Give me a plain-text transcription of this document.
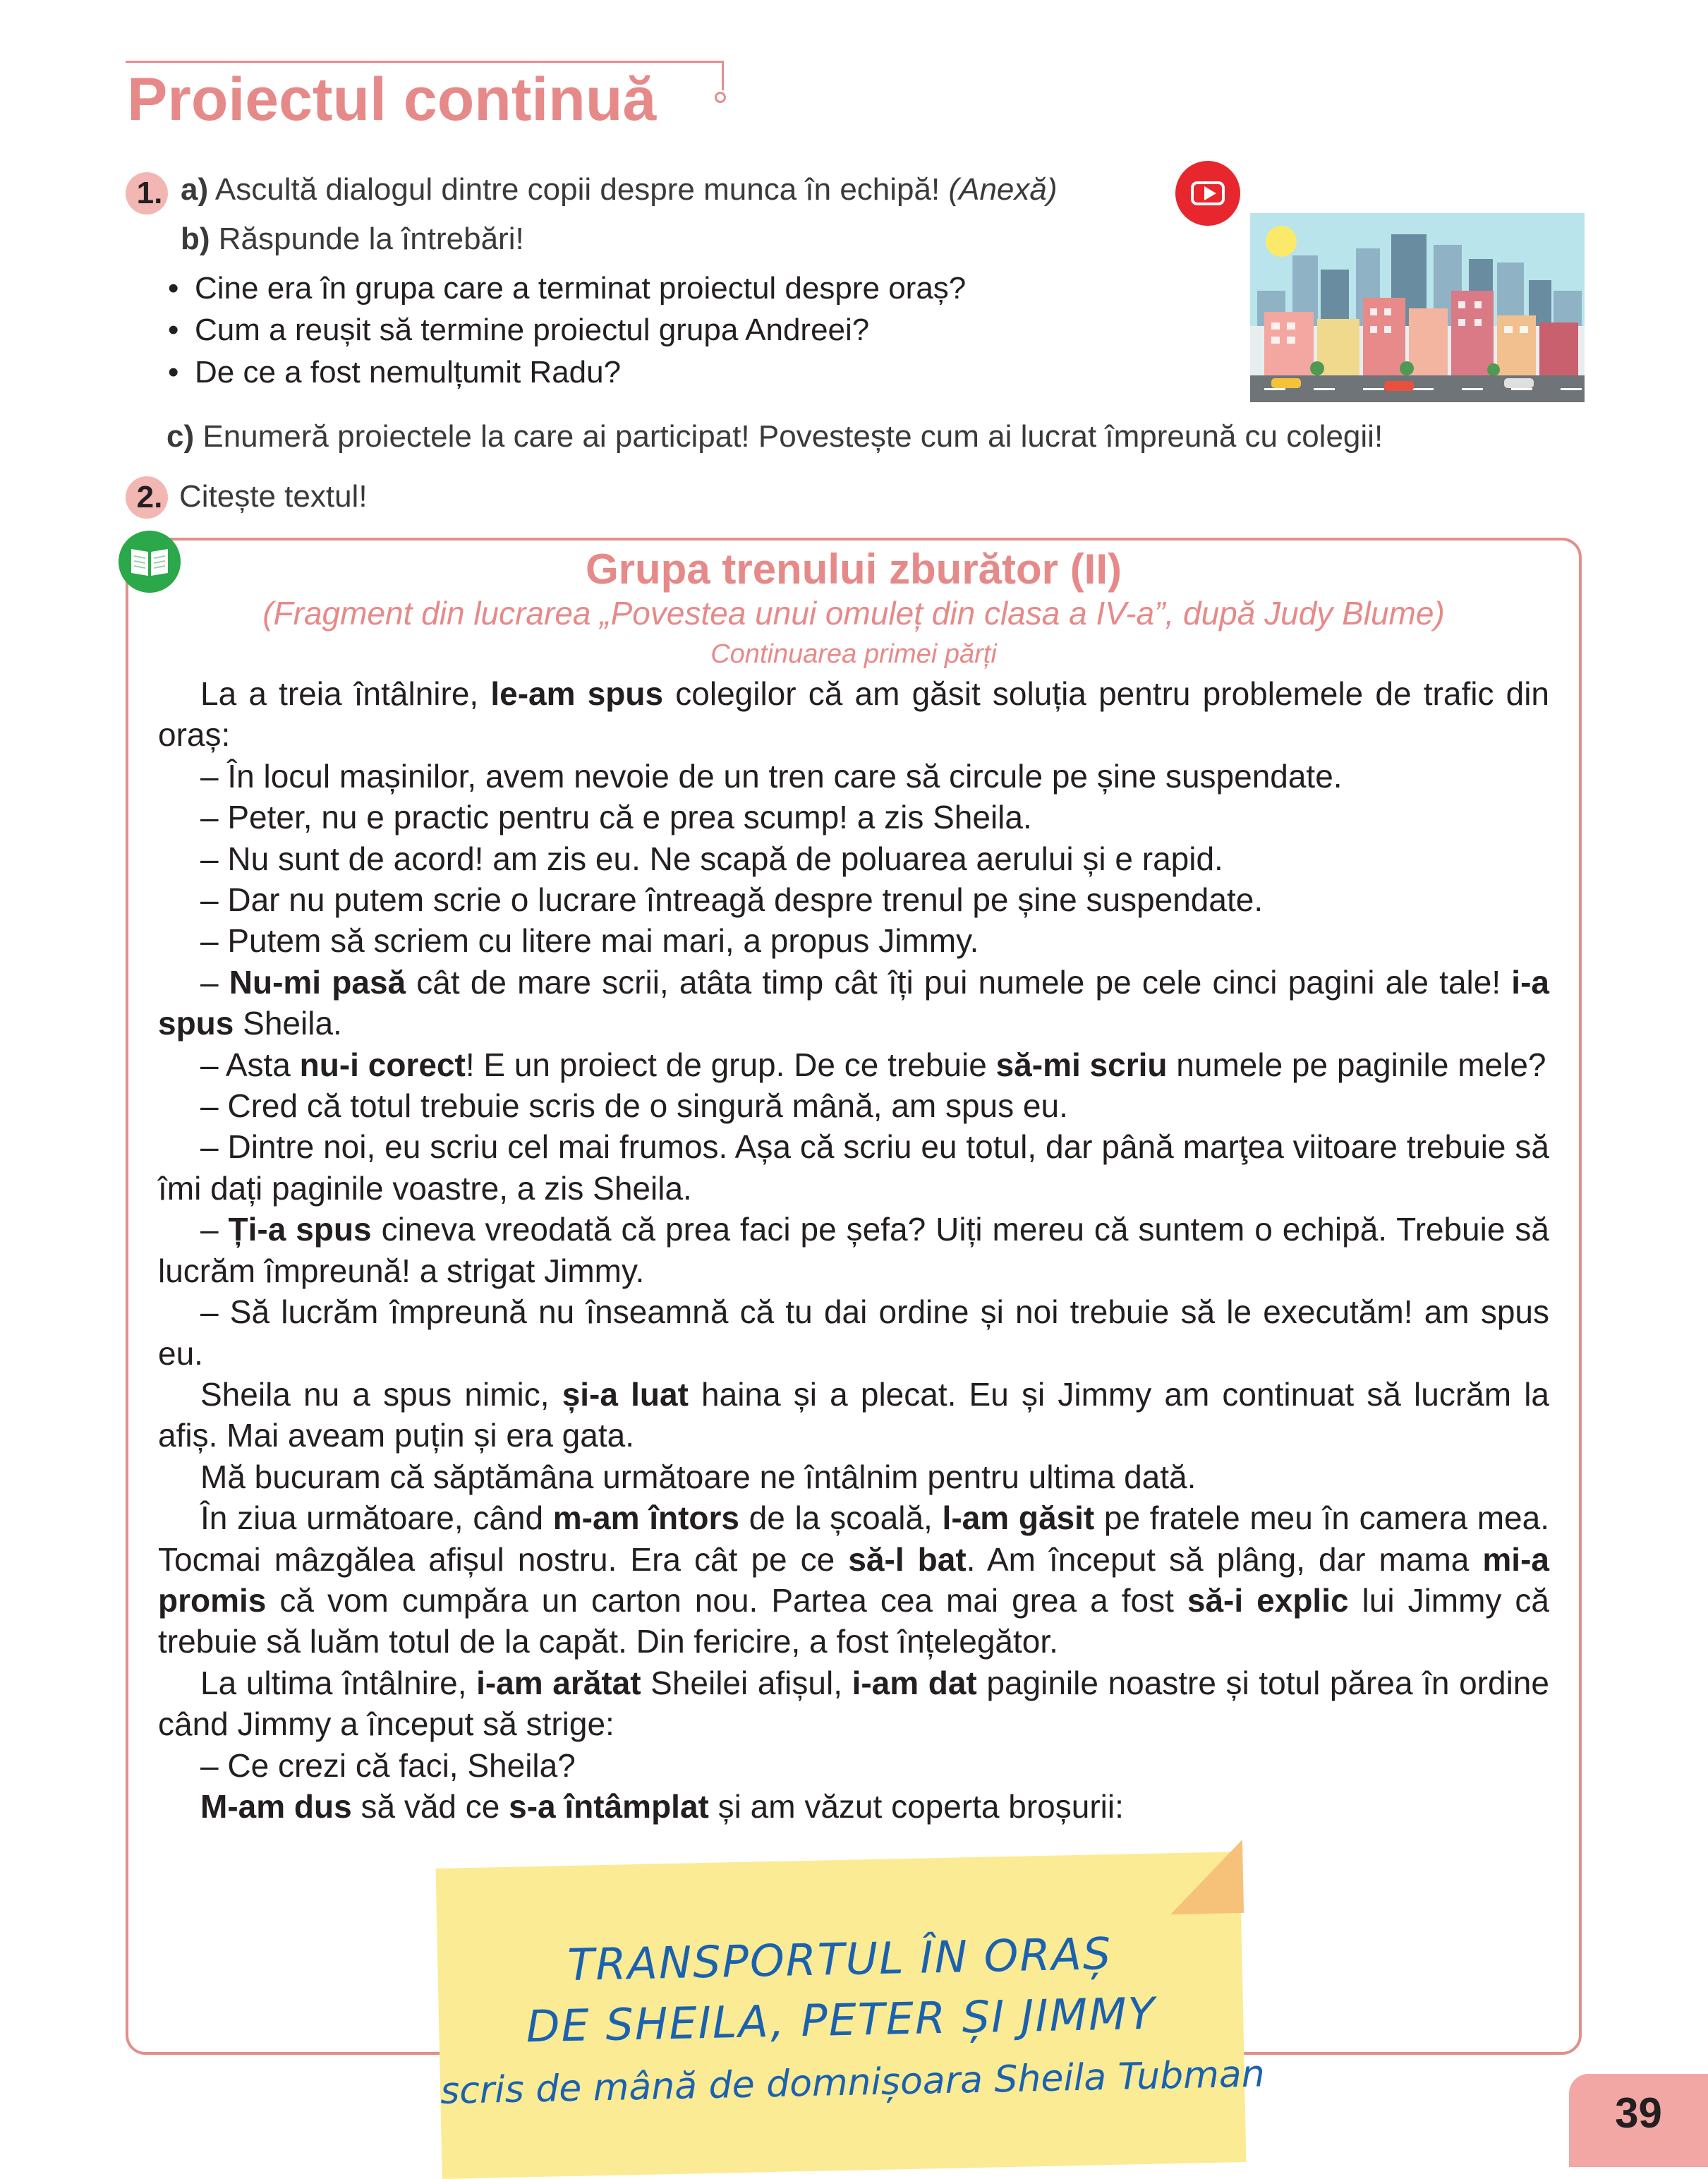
Proiectul continuă
1. a) Ascultă dialogul dintre copii despre munca în echipă! (Anexă)
b) Răspunde la întrebări!
• Cine era în grupa care a terminat proiectul despre oraș?
• Cum a reușit să termine proiectul grupa Andreei?
• De ce a fost nemulțumit Radu?
c) Enumeră proiectele la care ai participat! Povestește cum ai lucrat împreună cu colegii!
2. Citește textul!
Grupa trenului zburător (II)
(Fragment din lucrarea „Povestea unui omuleț din clasa a IV-a”, după Judy Blume)
Continuarea primei părți

La a treia întâlnire, le-am spus colegilor că am găsit soluția pentru problemele de trafic din oraș:

– În locul mașinilor, avem nevoie de un tren care să circule pe șine suspendate.

– Peter, nu e practic pentru că e prea scump! a zis Sheila.

– Nu sunt de acord! am zis eu. Ne scapă de poluarea aerului și e rapid.

– Dar nu putem scrie o lucrare întreagă despre trenul pe șine suspendate.

– Putem să scriem cu litere mai mari, a propus Jimmy.

– Nu-mi pasă cât de mare scrii, atâta timp cât îți pui numele pe cele cinci pagini ale tale! i-a spus Sheila.

– Asta nu-i corect! E un proiect de grup. De ce trebuie să-mi scriu numele pe paginile mele?

– Cred că totul trebuie scris de o singură mână, am spus eu.

– Dintre noi, eu scriu cel mai frumos. Așa că scriu eu totul, dar până marţea viitoare trebuie să îmi dați paginile voastre, a zis Sheila.

– Ți-a spus cineva vreodată că prea faci pe șefa? Uiți mereu că suntem o echipă. Trebuie să lucrăm împreună! a strigat Jimmy.

– Să lucrăm împreună nu înseamnă că tu dai ordine și noi trebuie să le executăm! am spus eu.

Sheila nu a spus nimic, și-a luat haina și a plecat. Eu și Jimmy am continuat să lucrăm la afiș. Mai aveam puțin și era gata.

Mă bucuram că săptămâna următoare ne întâlnim pentru ultima dată.

În ziua următoare, când m-am întors de la școală, l-am găsit pe fratele meu în camera mea. Tocmai mâzgălea afișul nostru. Era cât pe ce să-l bat. Am început să plâng, dar mama mi-a promis că vom cumpăra un carton nou. Partea cea mai grea a fost să-i explic lui Jimmy că trebuie să luăm totul de la capăt. Din fericire, a fost înțelegător.

La ultima întâlnire, i-am arătat Sheilei afișul, i-am dat paginile noastre și totul părea în ordine când Jimmy a început să strige:

– Ce crezi că faci, Sheila?

M-am dus să văd ce s-a întâmplat și am văzut coperta broșurii:

TRANSPORTUL ÎN ORAȘ
DE SHEILA, PETER ȘI JIMMY
scris de mână de domnișoara Sheila Tubman
39
